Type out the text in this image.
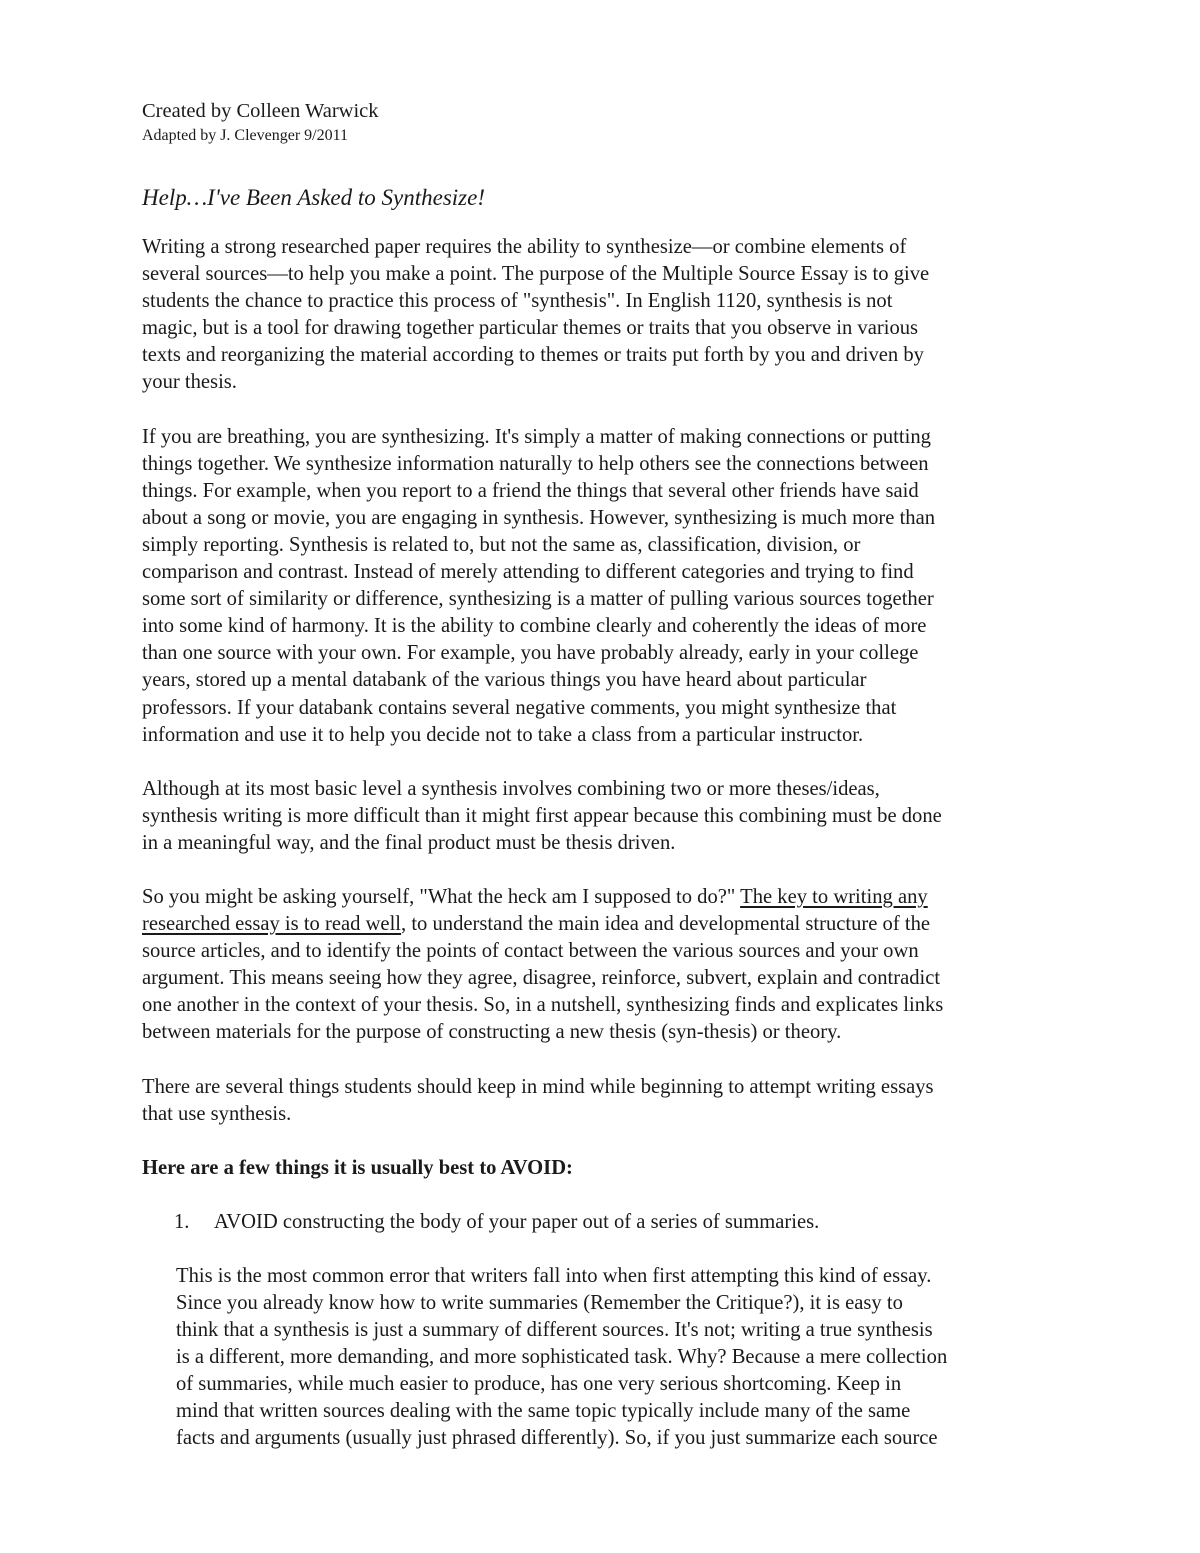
Created by Colleen Warwick

Adapted by J. Clevenger 9/2011

Help…I've Been Asked to Synthesize!

Writing a strong researched paper requires the ability to synthesize—or combine elements of
several sources—to help you make a point. The purpose of the Multiple Source Essay is to give
students the chance to practice this process of "synthesis". In English 1120, synthesis is not
magic, but is a tool for drawing together particular themes or traits that you observe in various
texts and reorganizing the material according to themes or traits put forth by you and driven by
your thesis.

If you are breathing, you are synthesizing. It's simply a matter of making connections or putting
things together. We synthesize information naturally to help others see the connections between
things. For example, when you report to a friend the things that several other friends have said
about a song or movie, you are engaging in synthesis. However, synthesizing is much more than
simply reporting. Synthesis is related to, but not the same as, classification, division, or
comparison and contrast. Instead of merely attending to different categories and trying to find
some sort of similarity or difference, synthesizing is a matter of pulling various sources together
into some kind of harmony. It is the ability to combine clearly and coherently the ideas of more
than one source with your own. For example, you have probably already, early in your college
years, stored up a mental databank of the various things you have heard about particular
professors. If your databank contains several negative comments, you might synthesize that
information and use it to help you decide not to take a class from a particular instructor.

Although at its most basic level a synthesis involves combining two or more theses/ideas,
synthesis writing is more difficult than it might first appear because this combining must be done
in a meaningful way, and the final product must be thesis driven.

So you might be asking yourself, "What the heck am I supposed to do?" The key to writing any
researched essay is to read well, to understand the main idea and developmental structure of the
source articles, and to identify the points of contact between the various sources and your own
argument. This means seeing how they agree, disagree, reinforce, subvert, explain and contradict
one another in the context of your thesis. So, in a nutshell, synthesizing finds and explicates links
between materials for the purpose of constructing a new thesis (syn-thesis) or theory.

There are several things students should keep in mind while beginning to attempt writing essays
that use synthesis.

Here are a few things it is usually best to AVOID:

1. AVOID constructing the body of your paper out of a series of summaries.

This is the most common error that writers fall into when first attempting this kind of essay.
Since you already know how to write summaries (Remember the Critique?), it is easy to
think that a synthesis is just a summary of different sources. It's not; writing a true synthesis
is a different, more demanding, and more sophisticated task. Why? Because a mere collection
of summaries, while much easier to produce, has one very serious shortcoming. Keep in
mind that written sources dealing with the same topic typically include many of the same
facts and arguments (usually just phrased differently). So, if you just summarize each source
